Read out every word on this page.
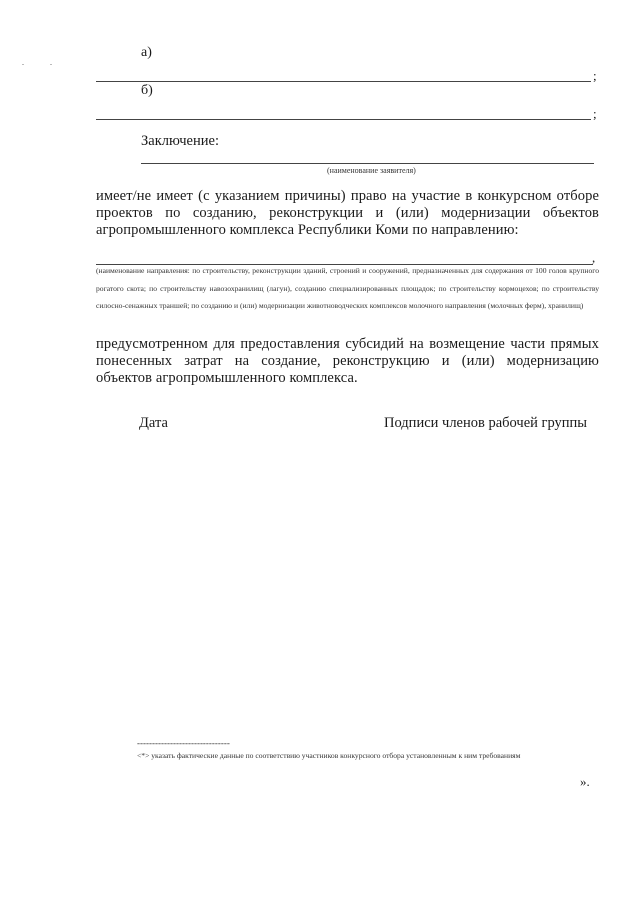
а)
;
б)
;
Заключение:
(наименование заявителя)

имеет/не имеет (с указанием причины) право на участие в конкурсном отборе проектов по созданию, реконструкции и (или) модернизации объектов агропромышленного комплекса Республики Коми по направлению:

,

(наименование направления: по строительству, реконструкции зданий, строений и сооружений, предназначенных для содержания от 100 голов крупного рогатого скота; по строительству навозохранилищ (лагун), созданию специализированных площадок; по строительству кормоцехов; по строительству силосно-сенажных траншей; по созданию и (или) модернизации животноводческих комплексов молочного направления (молочных ферм), хранилищ)

предусмотренном для предоставления субсидий на возмещение части прямых понесенных затрат на создание, реконструкцию и (или) модернизацию объектов агропромышленного комплекса.

Дата	Подписи членов рабочей группы
-------------------------------
<*> указать фактические данные по соответствию участников конкурсного отбора установленным к ним требованиям
».
